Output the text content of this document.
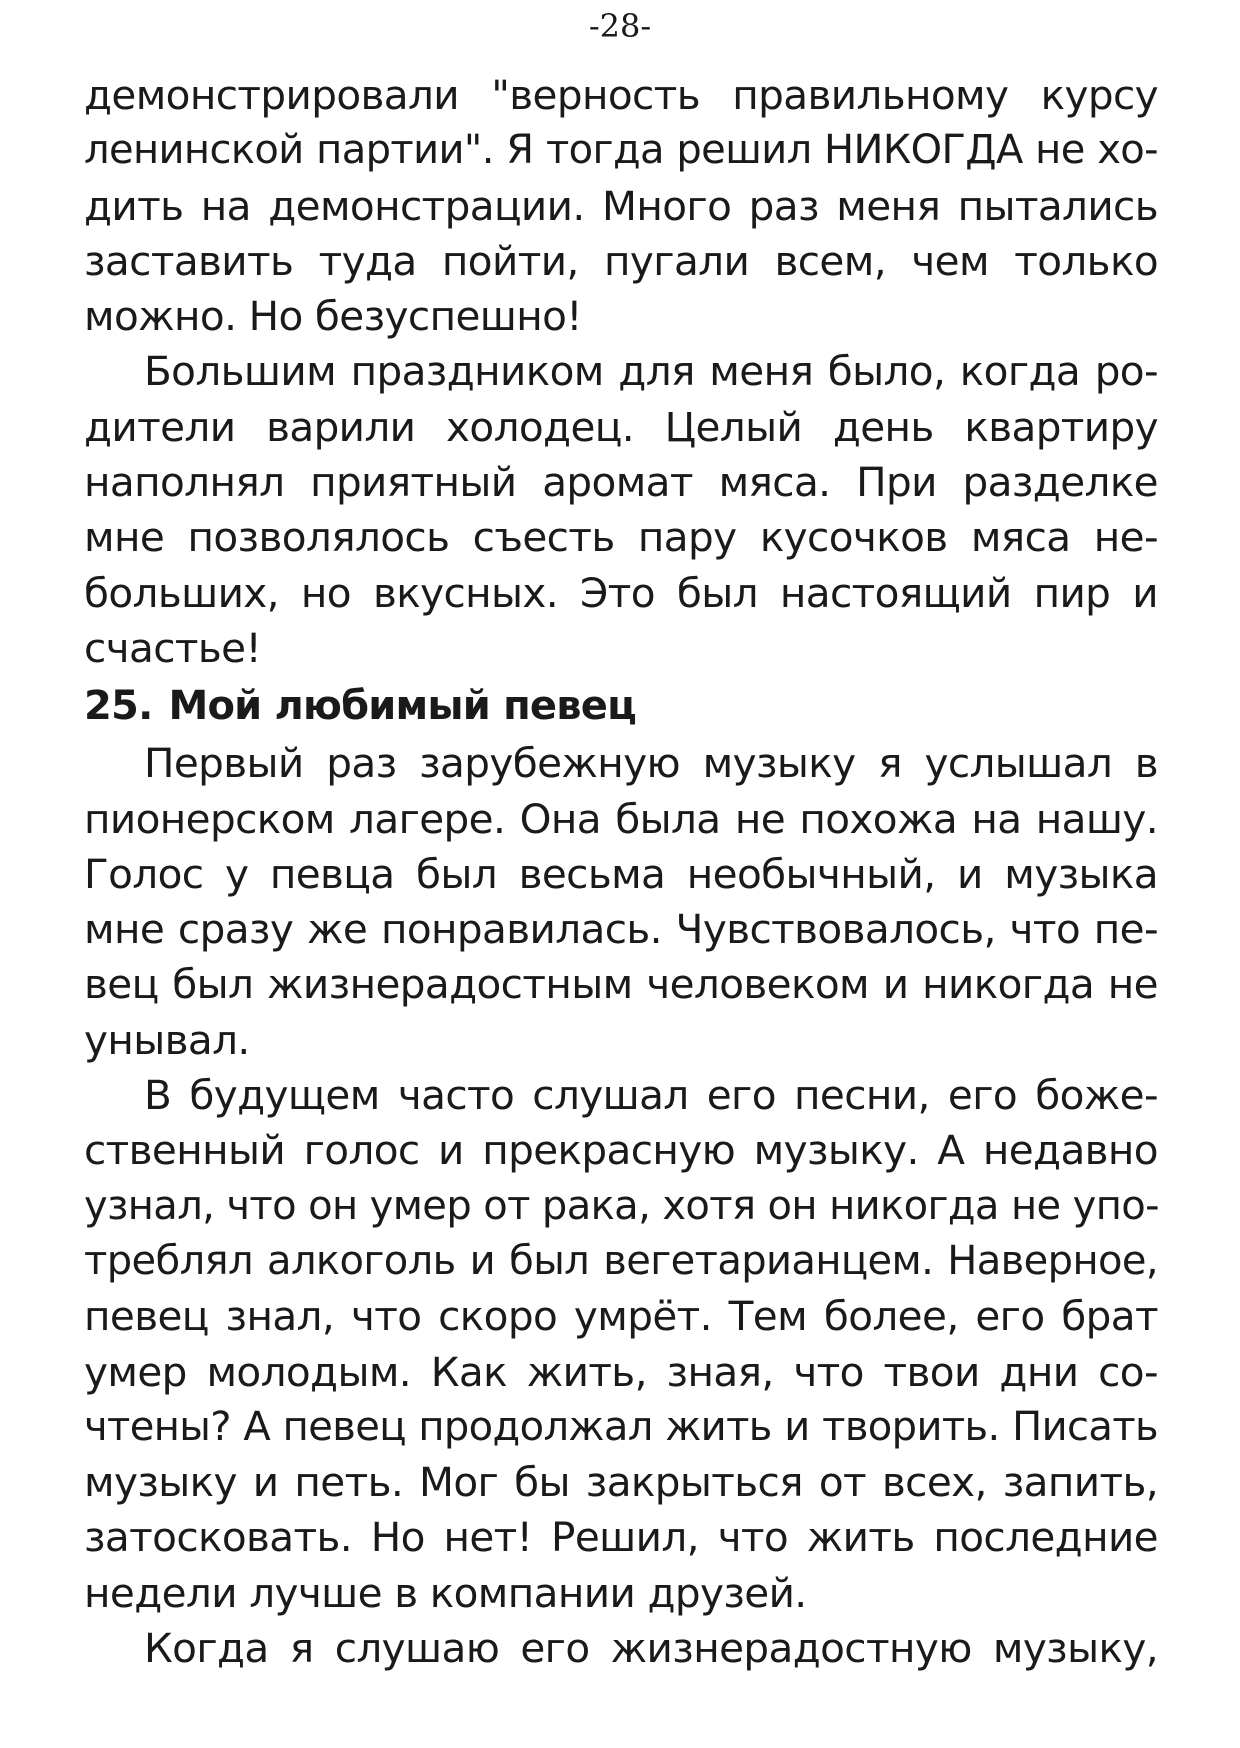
-28-
демонстрировали "верность правильному курсу
ленинской партии". Я тогда решил НИКОГДА не хо-
дить на демонстрации. Много раз меня пытались
заставить туда пойти, пугали всем, чем только
можно. Но безуспешно!
Большим праздником для меня было, когда ро-
дители варили холодец. Целый день квартиру
наполнял приятный аромат мяса. При разделке
мне позволялось съесть пару кусочков мяса не-
больших, но вкусных. Это был настоящий пир и
счастье!
25. Мой любимый певец
Первый раз зарубежную музыку я услышал в
пионерском лагере. Она была не похожа на нашу.
Голос у певца был весьма необычный, и музыка
мне сразу же понравилась. Чувствовалось, что пе-
вец был жизнерадостным человеком и никогда не
унывал.
В будущем часто слушал его песни, его боже-
ственный голос и прекрасную музыку. А недавно
узнал, что он умер от рака, хотя он никогда не упо-
треблял алкоголь и был вегетарианцем. Наверное,
певец знал, что скоро умрёт. Тем более, его брат
умер молодым. Как жить, зная, что твои дни со-
чтены? А певец продолжал жить и творить. Писать
музыку и петь. Мог бы закрыться от всех, запить,
затосковать. Но нет! Решил, что жить последние
недели лучше в компании друзей.
Когда я слушаю его жизнерадостную музыку,
